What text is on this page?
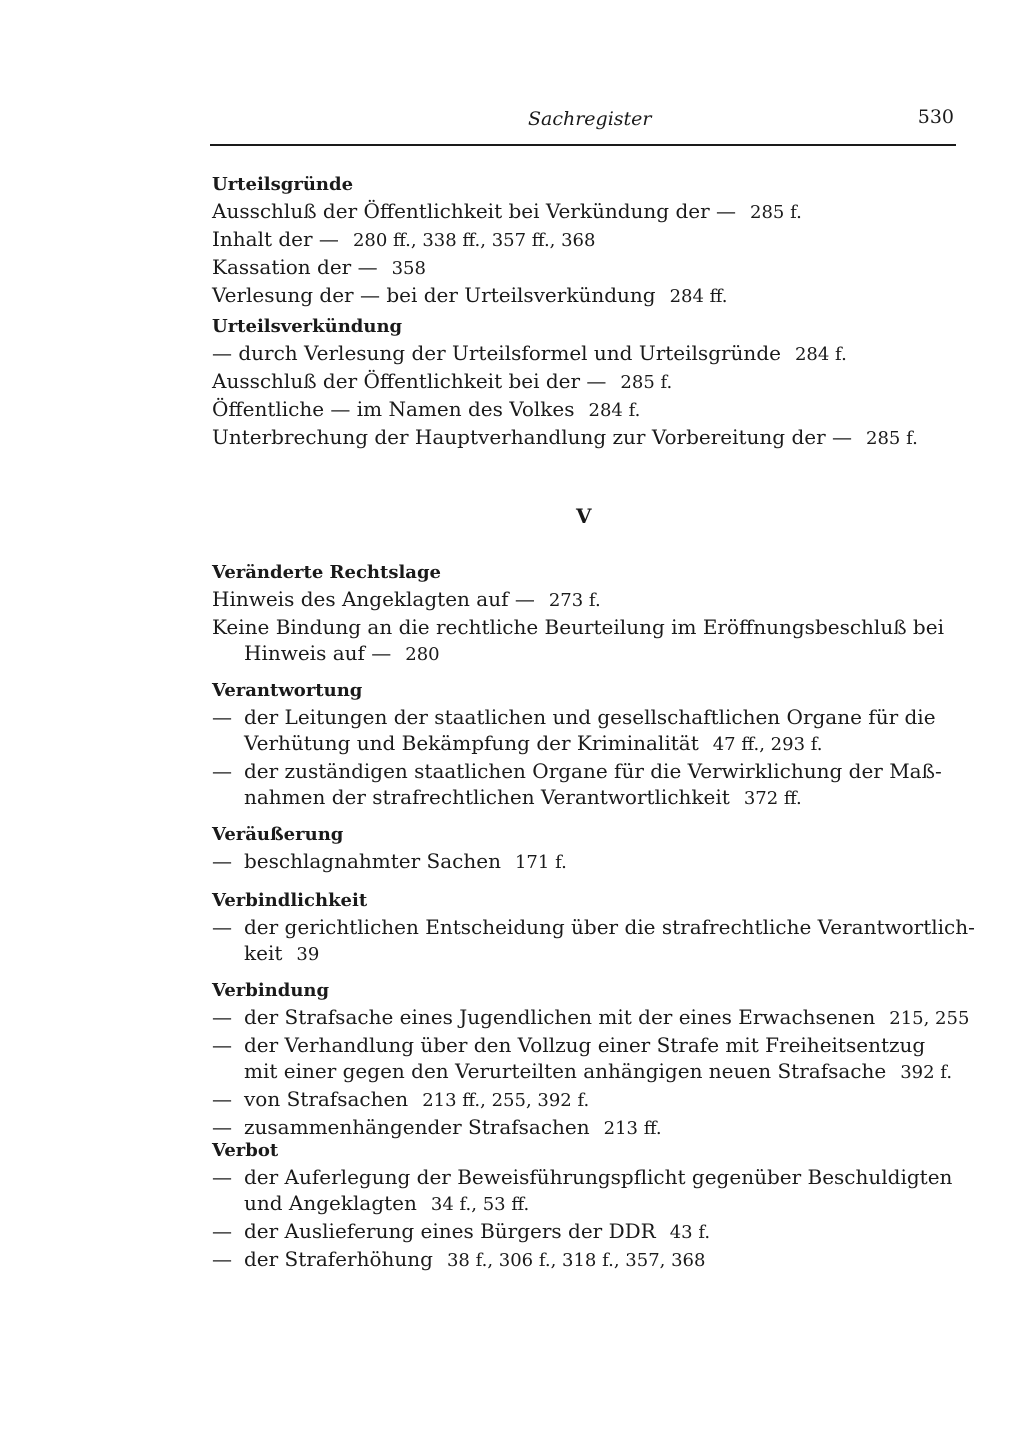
Sachregister	530
Urteilsgründe
Ausschluß der Öffentlichkeit bei Verkündung der — 285 f.
Inhalt der — 280 ff., 338 ff., 357 ff., 368
Kassation der — 358
Verlesung der — bei der Urteilsverkündung 284 ff.
Urteilsverkündung
— durch Verlesung der Urteilsformel und Urteilsgründe 284 f.
Ausschluß der Öffentlichkeit bei der — 285 f.
Öffentliche — im Namen des Volkes 284 f.
Unterbrechung der Hauptverhandlung zur Vorbereitung der — 285 f.
V
Veränderte Rechtslage
Hinweis des Angeklagten auf — 273 f.
Keine Bindung an die rechtliche Beurteilung im Eröffnungsbeschluß bei
Hinweis auf — 280
Verantwortung
— der Leitungen der staatlichen und gesellschaftlichen Organe für die
Verhütung und Bekämpfung der Kriminalität 47 ff., 293 f.
— der zuständigen staatlichen Organe für die Verwirklichung der Maß-
nahmen der strafrechtlichen Verantwortlichkeit 372 ff.
Veräußerung
— beschlagnahmter Sachen 171 f.
Verbindlichkeit
— der gerichtlichen Entscheidung über die strafrechtliche Verantwortlich-
keit 39
Verbindung
— der Strafsache eines Jugendlichen mit der eines Erwachsenen 215, 255
— der Verhandlung über den Vollzug einer Strafe mit Freiheitsentzug
mit einer gegen den Verurteilten anhängigen neuen Strafsache 392 f.
— von Strafsachen 213 ff., 255, 392 f.
— zusammenhängender Strafsachen 213 ff.
Verbot
— der Auferlegung der Beweisführungspflicht gegenüber Beschuldigten
und Angeklagten 34 f., 53 ff.
— der Auslieferung eines Bürgers der DDR 43 f.
— der Straferhöhung 38 f., 306 f., 318 f., 357, 368
